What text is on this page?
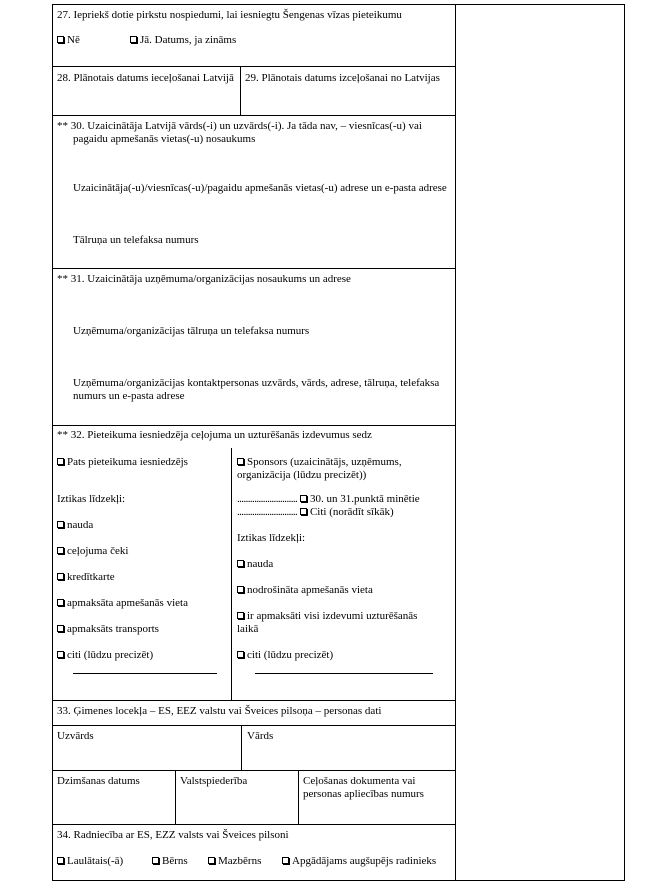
27. Iepriekš dotie pirkstu nospiedumi, lai iesniegtu Šengenas vīzas pieteikumu
Nē	Jā. Datums, ja zināms
28. Plānotais datums ieceļošanai Latvijā 29. Plānotais datums izceļošanai no Latvijas
** 30. Uzaicinātāja Latvijā vārds(-i) un uzvārds(-i). Ja tāda nav, – viesnīcas(-u) vai
pagaidu apmešanās vietas(-u) nosaukums
Uzaicinātāja(-u)/viesnīcas(-u)/pagaidu apmešanās vietas(-u) adrese un e-pasta adrese
Tālruņa un telefaksa numurs
** 31. Uzaicinātāja uzņēmuma/organizācijas nosaukums un adrese
Uzņēmuma/organizācijas tālruņa un telefaksa numurs
Uzņēmuma/organizācijas kontaktpersonas uzvārds, vārds, adrese, tālruņa, telefaksa
numurs un e-pasta adrese
** 32. Pieteikuma iesniedzēja ceļojuma un uzturēšanās izdevumus sedz
Pats pieteikuma iesniedzējs
Iztikas līdzekļi:
nauda
ceļojuma čeki
kredītkarte
apmaksāta apmešanās vieta
apmaksāts transports
citi (lūdzu precizēt)
Sponsors (uzaicinātājs, uzņēmums,
organizācija (lūdzu precizēt))
............................ 30. un 31.punktā minētie
............................ Citi (norādīt sīkāk)
Iztikas līdzekļi:
nauda
nodrošināta apmešanās vieta
ir apmaksāti visi izdevumi uzturēšanās
laikā
citi (lūdzu precizēt)
33. Ģimenes locekļa – ES, EEZ valstu vai Šveices pilsoņa – personas dati
Uzvārds	Vārds
Dzimšanas datums	Valstspiederība	Ceļošanas dokumenta vai
personas apliecības numurs
34. Radniecība ar ES, EZZ valsts vai Šveices pilsoni
Laulātais(-ā)	Bērns	Mazbērns	Apgādājams augšupējs radinieks
